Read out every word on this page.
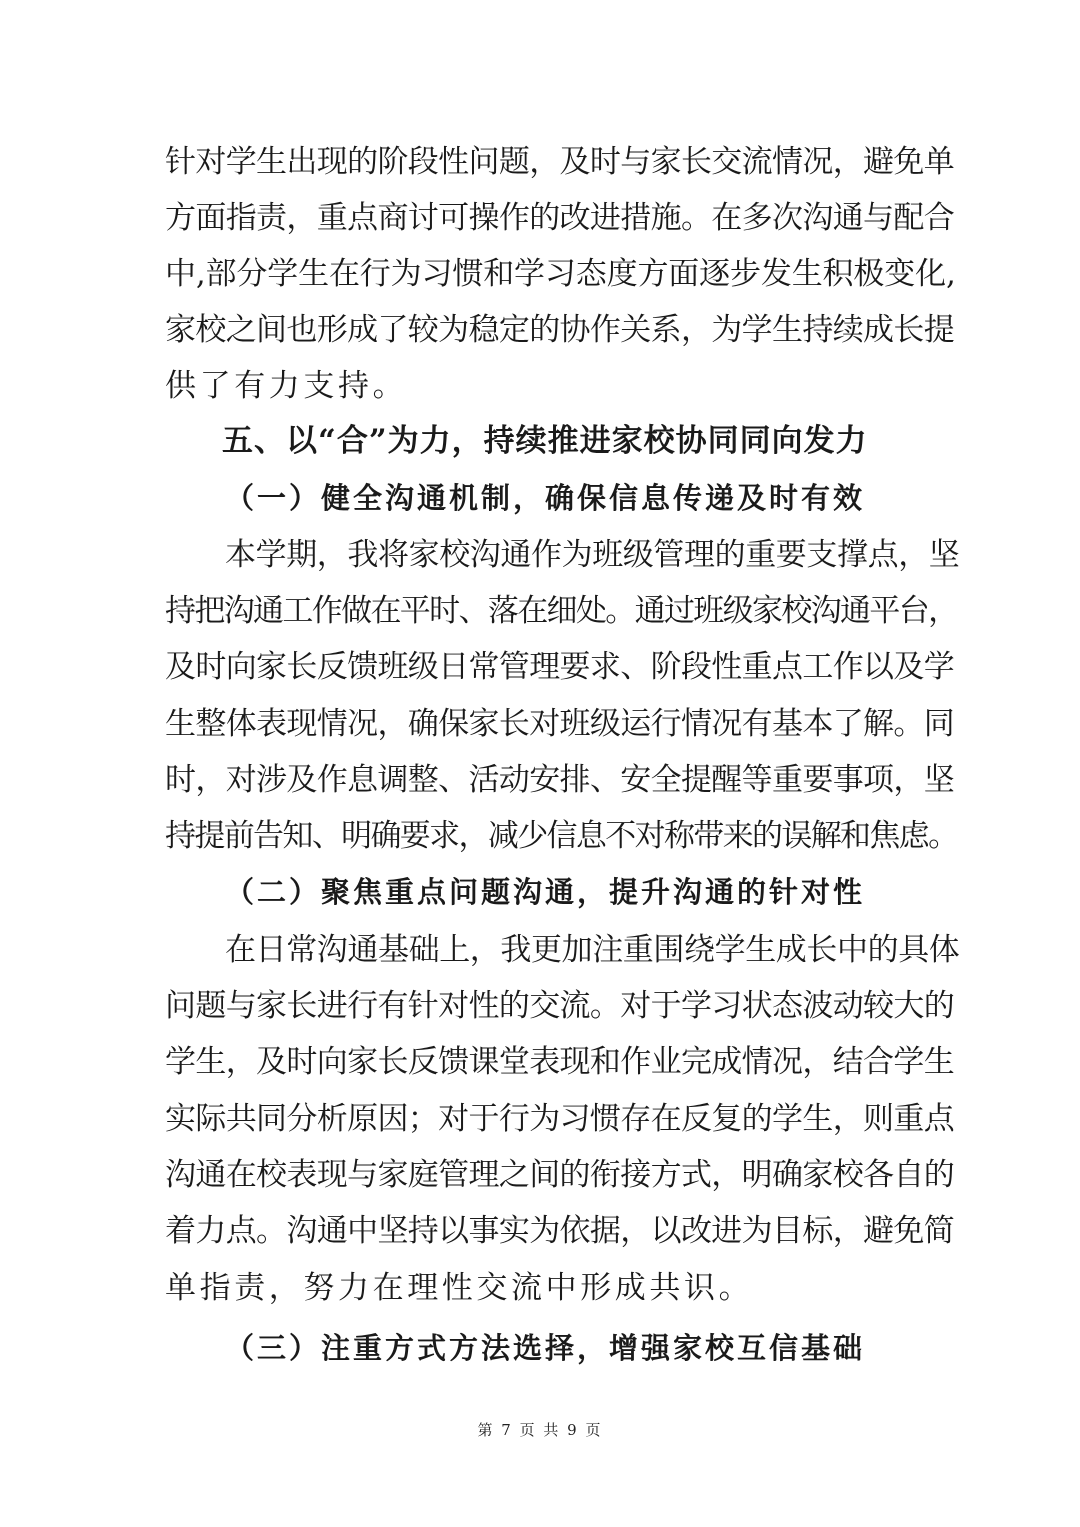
针对学生出现的阶段性问题，及时与家长交流情况，避免单
方面指责，重点商讨可操作的改进措施。在多次沟通与配合
中,部分学生在行为习惯和学习态度方面逐步发生积极变化,
家校之间也形成了较为稳定的协作关系，为学生持续成长提
供了有力支持。
五、以“合”为力，持续推进家校协同同向发力
（一）健全沟通机制，确保信息传递及时有效
本学期，我将家校沟通作为班级管理的重要支撑点，坚
持把沟通工作做在平时、落在细处。通过班级家校沟通平台，
及时向家长反馈班级日常管理要求、阶段性重点工作以及学
生整体表现情况，确保家长对班级运行情况有基本了解。同
时，对涉及作息调整、活动安排、安全提醒等重要事项，坚
持提前告知、明确要求，减少信息不对称带来的误解和焦虑。
（二）聚焦重点问题沟通，提升沟通的针对性
在日常沟通基础上，我更加注重围绕学生成长中的具体
问题与家长进行有针对性的交流。对于学习状态波动较大的
学生，及时向家长反馈课堂表现和作业完成情况，结合学生
实际共同分析原因；对于行为习惯存在反复的学生，则重点
沟通在校表现与家庭管理之间的衔接方式，明确家校各自的
着力点。沟通中坚持以事实为依据，以改进为目标，避免简
单指责，努力在理性交流中形成共识。
（三）注重方式方法选择，增强家校互信基础
第 7 页 共 9 页
